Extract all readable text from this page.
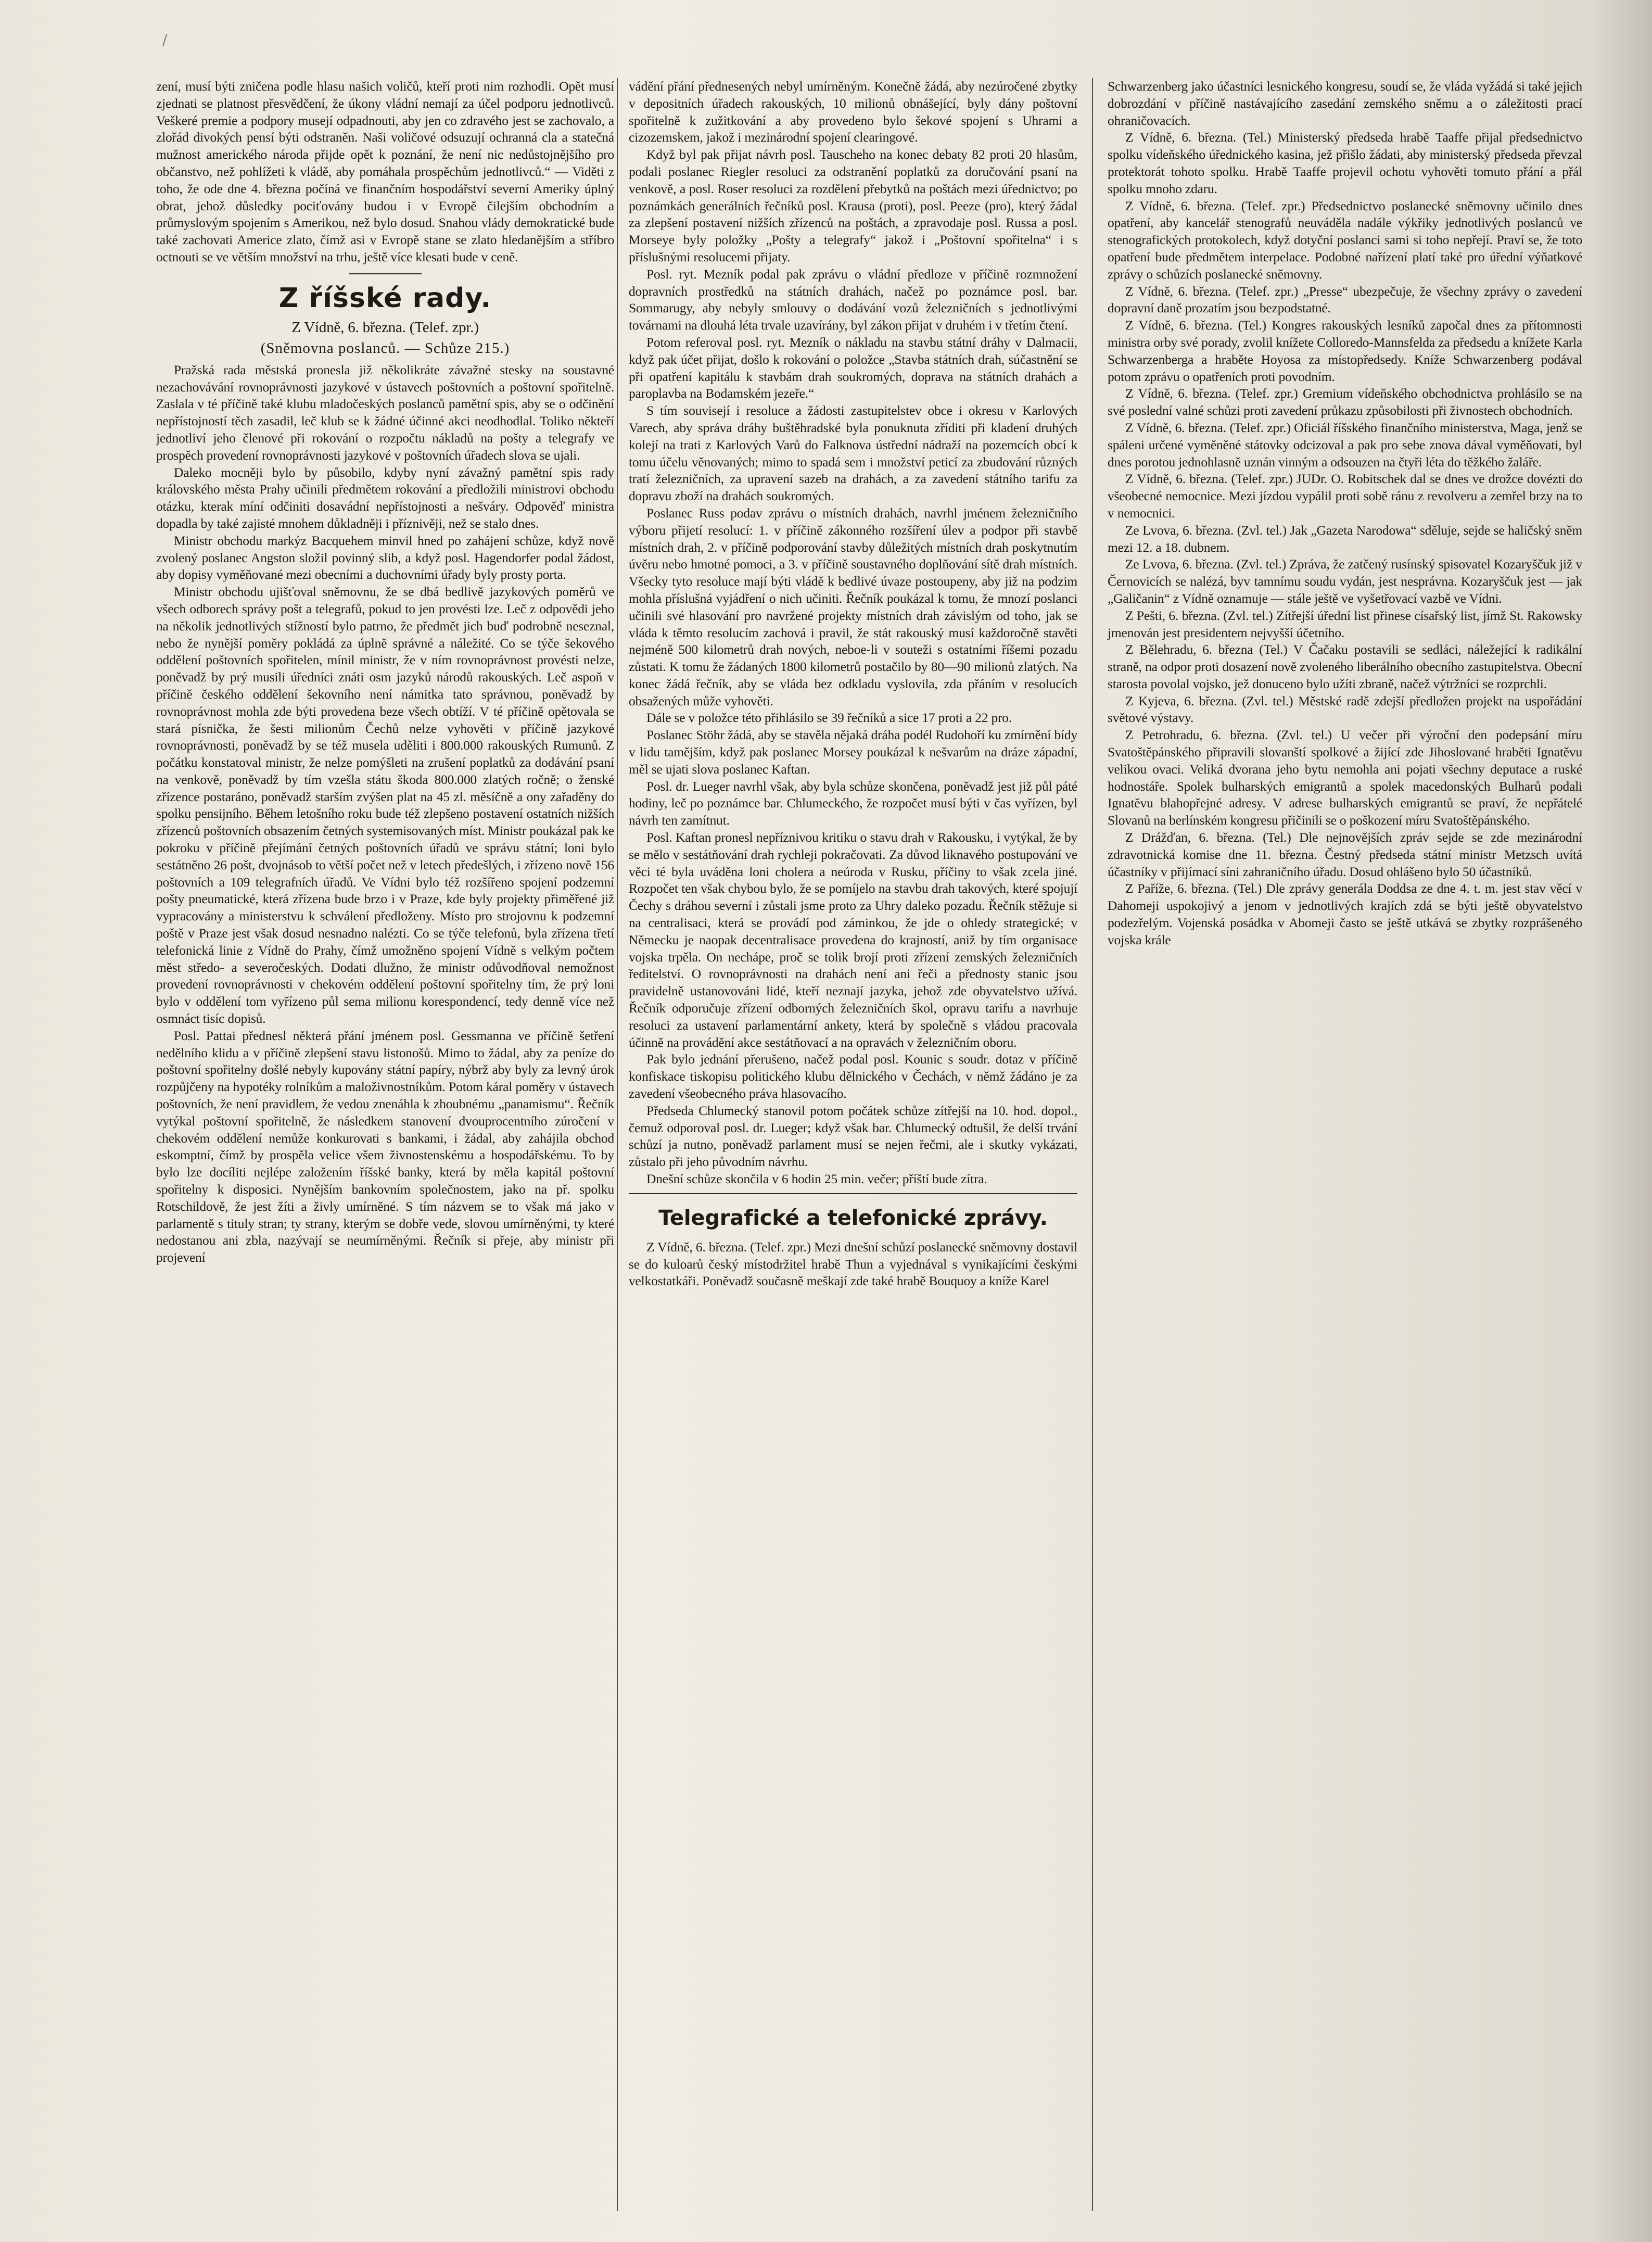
/

zení, musí býti zničena podle hlasu našich voličů, kteří proti nim rozhodli. Opět musí zjednati se platnost přesvědčení, že úkony vládní nemají za účel podporu jednotlivců. Veškeré premie a podpory musejí odpadnouti, aby jen co zdravého jest se zachovalo, a zlořád divokých pensí býti odstraněn. Naši voličové odsuzují ochranná cla a statečná mužnost amerického národa přijde opět k poznání, že není nic nedůstojnějšího pro občanstvo, než pohlížeti k vládě, aby pomáhala prospěchům jednotlivců.“ — Viděti z toho, že ode dne 4. března počíná ve finančním hospodářství severní Ameriky úplný obrat, jehož důsledky pociťovány budou i v Evropě čilejším obchodním a průmyslovým spojením s Amerikou, než bylo dosud. Snahou vlády demokratické bude také zachovati Americe zlato, čímž asi v Evropě stane se zlato hledanějším a stříbro octnouti se ve větším množství na trhu, ještě více klesati bude v ceně.

Z říšské rady.
Z Vídně, 6. března. (Telef. zpr.)
(Sněmovna poslanců. — Schůze 215.)

Pražská rada městská pronesla již několikráte závažné stesky na soustavné nezachovávání rovnoprávnosti jazykové v ústavech poštovních a poštovní spořitelně. Zaslala v té příčině také klubu mladočeských poslanců pamětní spis, aby se o odčinění nepřístojností těch zasadil, leč klub se k žádné účinné akci neodhodlal. Toliko někteří jednotliví jeho členové při rokování o rozpočtu nákladů na pošty a telegrafy ve prospěch provedení rovnoprávnosti jazykové v poštovních úřadech slova se ujali.

Daleko mocněji bylo by působilo, kdyby nyní závažný pamětní spis rady královského města Prahy učinili předmětem rokování a předložili ministrovi obchodu otázku, kterak míní odčiniti dosavádní nepřístojnosti a nešváry. Odpověď ministra dopadla by také zajisté mnohem důkladněji i příznivěji, než se stalo dnes.

Ministr obchodu markýz Bacquehem minvil hned po zahájení schůze, když nově zvolený poslanec Angston složil povinný slib, a když posl. Hagendorfer podal žádost, aby dopisy vyměňované mezi obecními a duchovními úřady byly prosty porta.

Ministr obchodu ujišťoval sněmovnu, že se dbá bedlivě jazykových poměrů ve všech odborech správy pošt a telegrafů, pokud to jen provésti lze. Leč z odpovědi jeho na několik jednotlivých stížností bylo patrno, že předmět jich buď podrobně neseznal, nebo že nynější poměry pokládá za úplně správné a náležité. Co se týče šekového oddělení poštovních spořitelen, mínil ministr, že v ním rovnoprávnost provésti nelze, poněvadž by prý musili úředníci znáti osm jazyků národů rakouských. Leč aspoň v příčině českého oddělení šekovního není námitka tato správnou, poněvadž by rovnoprávnost mohla zde býti provedena beze všech obtíží. V té příčině opětovala se stará písnička, že šesti milionům Čechů nelze vyhověti v příčině jazykové rovnoprávnosti, poněvadž by se též musela uděliti i 800.000 rakouských Rumunů. Z počátku konstatoval ministr, že nelze pomýšleti na zrušení poplatků za dodávání psaní na venkově, poněvadž by tím vzešla státu škoda 800.000 zlatých ročně; o ženské zřízence postaráno, poněvadž starším zvýšen plat na 45 zl. měsíčně a ony zařaděny do spolku pensijního. Během letošního roku bude též zlepšeno postavení ostatních nižších zřízenců poštovních obsazením četných systemisovaných míst. Ministr poukázal pak ke pokroku v příčině přejímání četných poštovních úřadů ve správu státní; loni bylo sestátněno 26 pošt, dvojnásob to větší počet než v letech předešlých, i zřízeno nově 156 poštovních a 109 telegrafních úřadů. Ve Vídni bylo též rozšířeno spojení podzemní pošty pneumatické, která zřízena bude brzo i v Praze, kde byly projekty přiměřené již vypracovány a ministerstvu k schválení předloženy. Místo pro strojovnu k podzemní poště v Praze jest však dosud nesnadno nalézti. Co se týče telefonů, byla zřízena třetí telefonická linie z Vídně do Prahy, čímž umožněno spojení Vídně s velkým počtem měst středo- a severočeských. Dodati dlužno, že ministr odůvodňoval nemožnost provedení rovnoprávnosti v chekovém oddělení poštovní spořitelny tím, že prý loni bylo v oddělení tom vyřízeno půl sema milionu korespondencí, tedy denně více než osmnáct tisíc dopisů.

Posl. Pattai přednesl některá přání jménem posl. Gessmanna ve příčině šetření nedělního klidu a v příčině zlepšení stavu listonošů. Mimo to žádal, aby za peníze do poštovní spořitelny došlé nebyly kupovány státní papíry, nýbrž aby byly za levný úrok rozpůjčeny na hypotéky rolníkům a maloživnostníkům. Potom káral poměry v ústavech poštovních, že není pravidlem, že vedou znenáhla k zhoubnému „panamismu“. Řečník vytýkal poštovní spořitelně, že následkem stanovení dvouprocentního zúročení v chekovém oddělení nemůže konkurovati s bankami, i žádal, aby zahájila obchod eskomptní, čímž by prospěla velice všem živnostenskému a hospodářskému. To by bylo lze docíliti nejlépe založením říšské banky, která by měla kapitál poštovní spořitelny k disposici. Nynějším bankovním společnostem, jako na př. spolku Rotschildově, že jest žíti a živly umírněné. S tím názvem se to však má jako v parlamentě s tituly stran; ty strany, kterým se dobře vede, slovou umírněnými, ty které nedostanou ani zbla, nazývají se neumírněnými. Řečník si přeje, aby ministr při projevení

vádění přání přednesených nebyl umírněným. Konečně žádá, aby nezúročené zbytky v depositních úřadech rakouských, 10 milionů obnášející, byly dány poštovní spořitelně k zužitkování a aby provedeno bylo šekové spojení s Uhrami a cizozemskem, jakož i mezinárodní spojení clearingové.

Když byl pak přijat návrh posl. Tauscheho na konec debaty 82 proti 20 hlasům, podali poslanec Riegler resoluci za odstranění poplatků za doručování psaní na venkově, a posl. Roser resoluci za rozdělení přebytků na poštách mezi úřednictvo; po poznámkách generálních řečníků posl. Krausa (proti), posl. Peeze (pro), který žádal za zlepšení postavení nižších zřízenců na poštách, a zpravodaje posl. Russa a posl. Morseye byly položky „Pošty a telegrafy“ jakož i „Poštovní spořitelna“ i s příslušnými resolucemi přijaty.

Posl. ryt. Mezník podal pak zprávu o vládní předloze v příčině rozmnožení dopravních prostředků na státních drahách, načež po poznámce posl. bar. Sommarugy, aby nebyly smlouvy o dodávání vozů železničních s jednotlivými továrnami na dlouhá léta trvale uzavírány, byl zákon přijat v druhém i v třetím čtení.

Potom referoval posl. ryt. Mezník o nákladu na stavbu státní dráhy v Dalmacii, když pak účet přijat, došlo k rokování o položce „Stavba státních drah, súčastnění se při opatření kapitálu k stavbám drah soukromých, doprava na státních drahách a paroplavba na Bodamském jezeře.“

S tím souvisejí i resoluce a žádosti zastupitelstev obce i okresu v Karlových Varech, aby správa dráhy buštěhradské byla ponuknuta zříditi při kladení druhých kolejí na trati z Karlových Varů do Falknova ústřední nádraží na pozemcích obcí k tomu účelu věnovaných; mimo to spadá sem i množství peticí za zbudování různých tratí železničních, za upravení sazeb na drahách, a za zavedení státního tarifu za dopravu zboží na drahách soukromých.

Poslanec Russ podav zprávu o místních drahách, navrhl jménem železničního výboru přijetí resolucí: 1. v příčině zákonného rozšíření úlev a podpor při stavbě místních drah, 2. v příčině podporování stavby důležitých místních drah poskytnutím úvěru nebo hmotné pomoci, a 3. v příčině soustavného doplňování sítě drah místních. Všecky tyto resoluce mají býti vládě k bedlivé úvaze postoupeny, aby již na podzim mohla příslušná vyjádření o nich učiniti. Řečník poukázal k tomu, že mnozí poslanci učinili své hlasování pro navržené projekty místních drah závislým od toho, jak se vláda k těmto resolucím zachová i pravil, že stát rakouský musí každoročně stavěti nejméně 500 kilometrů drah nových, neboe-li v souteži s ostatními říšemi pozadu zůstati. K tomu že žádaných 1800 kilometrů postačilo by 80—90 milionů zlatých. Na konec žádá řečník, aby se vláda bez odkladu vyslovila, zda přáním v resolucích obsažených může vyhověti.

Dále se v položce této přihlásilo se 39 řečníků a sice 17 proti a 22 pro.

Poslanec Stöhr žádá, aby se stavěla nějaká dráha podél Rudohoří ku zmírnění bídy v lidu tamějším, když pak poslanec Morsey poukázal k nešvarům na dráze západní, měl se ujati slova poslanec Kaftan.

Posl. dr. Lueger navrhl však, aby byla schůze skončena, poněvadž jest již půl páté hodiny, leč po poznámce bar. Chlumeckého, že rozpočet musí býti v čas vyřízen, byl návrh ten zamítnut.

Posl. Kaftan pronesl nepříznivou kritiku o stavu drah v Rakousku, i vytýkal, že by se mělo v sestátňování drah rychleji pokračovati. Za důvod liknavého postupování ve věci té byla uváděna loni cholera a neúroda v Rusku, příčiny to však zcela jiné. Rozpočet ten však chybou bylo, že se pomíjelo na stavbu drah takových, které spojují Čechy s dráhou severní i zůstali jsme proto za Uhry daleko pozadu. Řečník stěžuje si na centralisaci, která se provádí pod záminkou, že jde o ohledy strategické; v Německu je naopak decentralisace provedena do krajností, aniž by tím organisace vojska trpěla. On nechápe, proč se tolik brojí proti zřízení zemských železničních ředitelství. O rovnoprávnosti na drahách není ani řeči a přednosty stanic jsou pravidelně ustanovováni lidé, kteří neznají jazyka, jehož zde obyvatelstvo užívá. Řečník odporučuje zřízení odborných železničních škol, opravu tarifu a navrhuje resoluci za ustavení parlamentární ankety, která by společně s vládou pracovala účinně na provádění akce sestátňovací a na opravách v železničním oboru.

Pak bylo jednání přerušeno, načež podal posl. Kounic s soudr. dotaz v příčině konfiskace tiskopisu politického klubu dělnického v Čechách, v němž žádáno je za zavedení všeobecného práva hlasovacího.

Předseda Chlumecký stanovil potom počátek schůze zítřejší na 10. hod. dopol., čemuž odporoval posl. dr. Lueger; když však bar. Chlumecký odtušil, že delší trvání schůzí ja nutno, poněvadž parlament musí se nejen řečmi, ale i skutky vykázati, zůstalo při jeho původním návrhu.

Dnešní schůze skončila v 6 hodin 25 min. večer; příští bude zítra.

Telegrafické a telefonické zprávy.

Z Vídně, 6. března. (Telef. zpr.) Mezi dnešní schůzí poslanecké sněmovny dostavil se do kuloarů český místodržitel hrabě Thun a vyjednával s vynikajícími českými velkostatkáři. Poněvadž současně meškají zde také hrabě Bouquoy a kníže Karel

Schwarzenberg jako účastníci lesnického kongresu, soudí se, že vláda vyžádá si také jejich dobrozdání v příčině nastávajícího zasedání zemského sněmu a o záležitosti prací ohraničovacích.

Z Vídně, 6. března. (Tel.) Ministerský předseda hrabě Taaffe přijal předsednictvo spolku vídeňského úřednického kasina, jež přišlo žádati, aby ministerský předseda převzal protektorát tohoto spolku. Hrabě Taaffe projevil ochotu vyhověti tomuto přání a přál spolku mnoho zdaru.

Z Vídně, 6. března. (Telef. zpr.) Předsednictvo poslanecké sněmovny učinilo dnes opatření, aby kancelář stenografů neuváděla nadále výkřiky jednotlivých poslanců ve stenografických protokolech, když dotyční poslanci sami si toho nepřejí. Praví se, že toto opatření bude předmětem interpelace. Podobné nařízení platí také pro úřední výňatkové zprávy o schůzích poslanecké sněmovny.

Z Vídně, 6. března. (Telef. zpr.) „Presse“ ubezpečuje, že všechny zprávy o zavedení dopravní daně prozatím jsou bezpodstatné.

Z Vídně, 6. března. (Tel.) Kongres rakouských lesníků započal dnes za přítomnosti ministra orby své porady, zvolil knížete Colloredo-Mannsfelda za předsedu a knížete Karla Schwarzenberga a hraběte Hoyosa za místopředsedy. Kníže Schwarzenberg podával potom zprávu o opatřeních proti povodním.

Z Vídně, 6. března. (Telef. zpr.) Gremium vídeňského obchodnictva prohlásilo se na své poslední valné schůzi proti zavedení průkazu způsobilosti při živnostech obchodních.

Z Vídně, 6. března. (Telef. zpr.) Oficiál říšského finančního ministerstva, Maga, jenž se spáleni určené vyměněné státovky odcizoval a pak pro sebe znova dával vyměňovati, byl dnes porotou jednohlasně uznán vinným a odsouzen na čtyři léta do těžkého žaláře.

Z Vídně, 6. března. (Telef. zpr.) JUDr. O. Robitschek dal se dnes ve drožce dovézti do všeobecné nemocnice. Mezi jízdou vypálil proti sobě ránu z revolveru a zemřel brzy na to v nemocnici.

Ze Lvova, 6. března. (Zvl. tel.) Jak „Gazeta Narodowa“ sděluje, sejde se haličský sněm mezi 12. a 18. dubnem.

Ze Lvova, 6. března. (Zvl. tel.) Zpráva, že zatčený rusínský spisovatel Kozaryščuk již v Černovicích se nalézá, byv tamnímu soudu vydán, jest nesprávna. Kozaryščuk jest — jak „Galičanin“ z Vídně oznamuje — stále ještě ve vyšetřovací vazbě ve Vídni.

Z Pešti, 6. března. (Zvl. tel.) Zítřejší úřední list přinese císařský list, jímž St. Rakowsky jmenován jest presidentem nejvyšší účetního.

Z Bělehradu, 6. března (Tel.) V Čačaku postavili se sedláci, náležející k radikální straně, na odpor proti dosazení nově zvoleného liberálního obecního zastupitelstva. Obecní starosta povolal vojsko, jež donuceno bylo užíti zbraně, načež výtržníci se rozprchli.

Z Kyjeva, 6. března. (Zvl. tel.) Městské radě zdejší předložen projekt na uspořádání světové výstavy.

Z Petrohradu, 6. března. (Zvl. tel.) U večer při výroční den podepsání míru Svatoštěpánského připravili slovanští spolkové a žijící zde Jihoslované hraběti Ignatěvu velikou ovaci. Veliká dvorana jeho bytu nemohla ani pojati všechny deputace a ruské hodnostáře. Spolek bulharských emigrantů a spolek macedonských Bulharů podali Ignatěvu blahopřejné adresy. V adrese bulharských emigrantů se praví, že nepřátelé Slovanů na berlínském kongresu přičinili se o poškození míru Svatoštěpánského.

Z Drážďan, 6. března. (Tel.) Dle nejnovějších zpráv sejde se zde mezinárodní zdravotnická komise dne 11. března. Čestný předseda státní ministr Metzsch uvítá účastníky v přijímací síni zahraničního úřadu. Dosud ohlášeno bylo 50 účastníků.

Z Paříže, 6. března. (Tel.) Dle zprávy generála Doddsa ze dne 4. t. m. jest stav věcí v Dahomeji uspokojivý a jenom v jednotlivých krajích zdá se býti ještě obyvatelstvo podezřelým. Vojenská posádka v Abomeji často se ještě utkává se zbytky rozprášeného vojska krále
